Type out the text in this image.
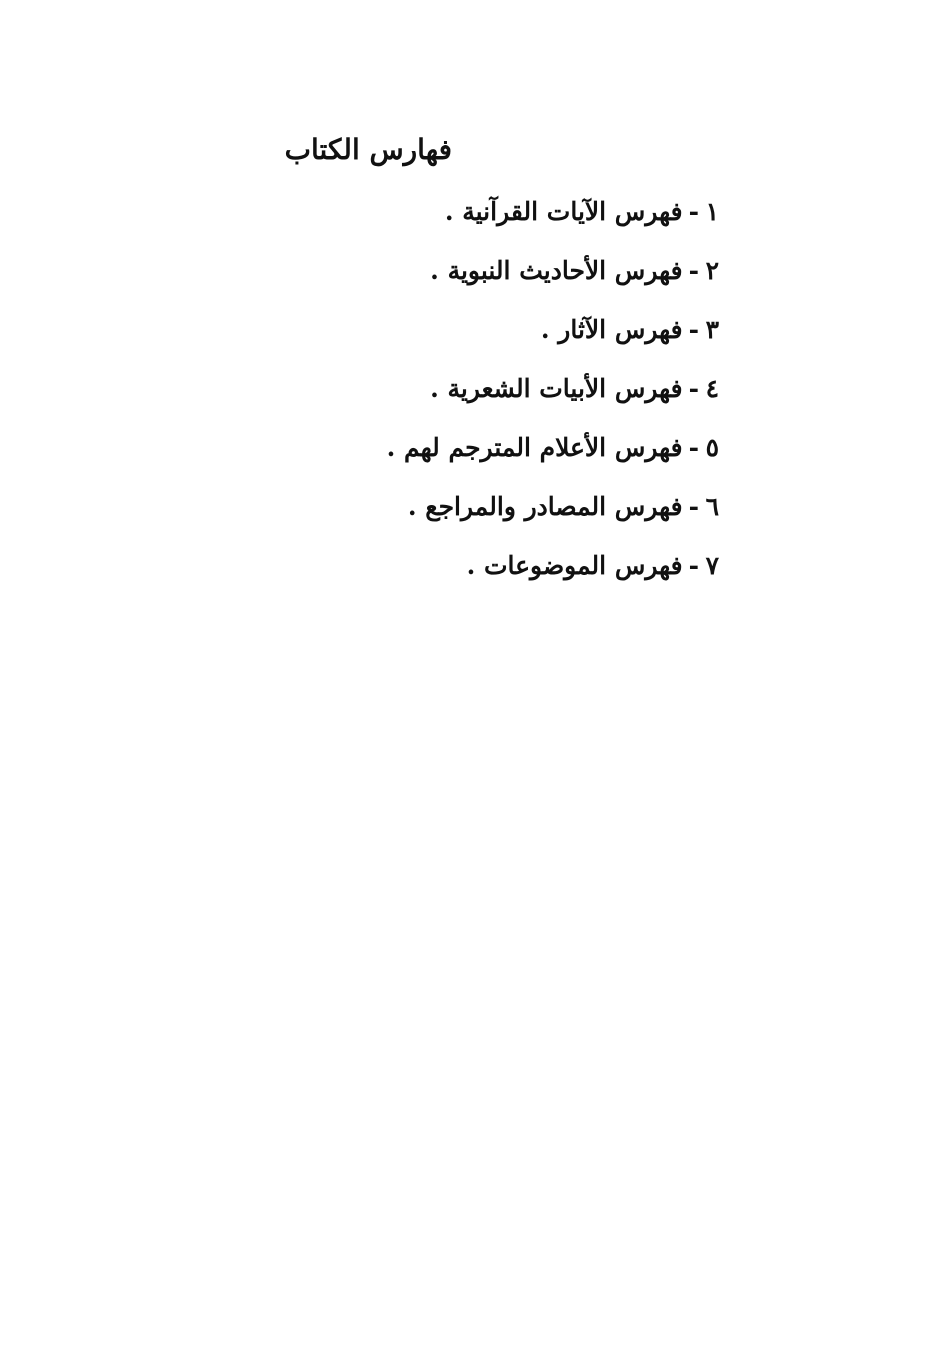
فهارس الكتاب
١-فهرس الآيات القرآنية .
٢-فهرس الأحاديث النبوية .
٣-فهرس الآثار .
٤-فهرس الأبيات الشعرية .
٥-فهرس الأعلام المترجم لهم .
٦-فهرس المصادر والمراجع .
٧-فهرس الموضوعات .
